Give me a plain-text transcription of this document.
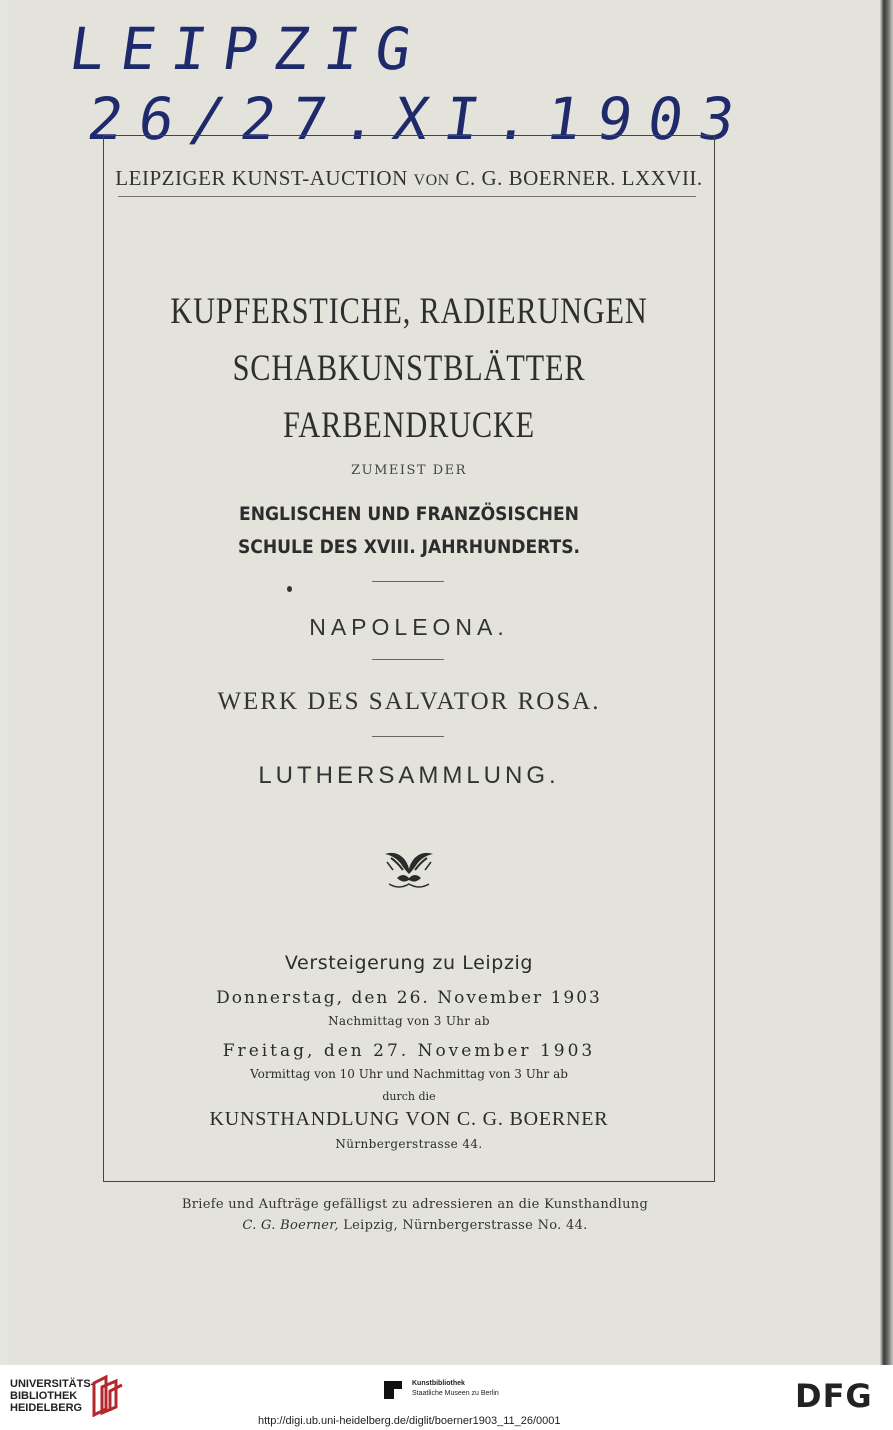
LEIPZIG
26/27.XI.1903
LEIPZIGER KUNST-AUCTION VON C. G. BOERNER. LXXVII.
KUPFERSTICHE, RADIERUNGEN
SCHABKUNSTBLÄTTER
FARBENDRUCKE
ZUMEIST DER
ENGLISCHEN UND FRANZÖSISCHEN
SCHULE DES XVIII. JAHRHUNDERTS.
NAPOLEONA.
WERK DES SALVATOR ROSA.
LUTHERSAMMLUNG.
Versteigerung zu Leipzig
Donnerstag, den 26. November 1903
Nachmittag von 3 Uhr ab
Freitag, den 27. November 1903
Vormittag von 10 Uhr und Nachmittag von 3 Uhr ab
durch die
KUNSTHANDLUNG VON C. G. BOERNER
Nürnbergerstrasse 44.
Briefe und Aufträge gefälligst zu adressieren an die Kunsthandlung
C. G. Boerner, Leipzig, Nürnbergerstrasse No. 44.
UNIVERSITÄTS-
BIBLIOTHEK
HEIDELBERG
Kunstbibliothek
Staatliche Museen zu Berlin	DFG
http://digi.ub.uni-heidelberg.de/diglit/boerner1903_11_26/0001
